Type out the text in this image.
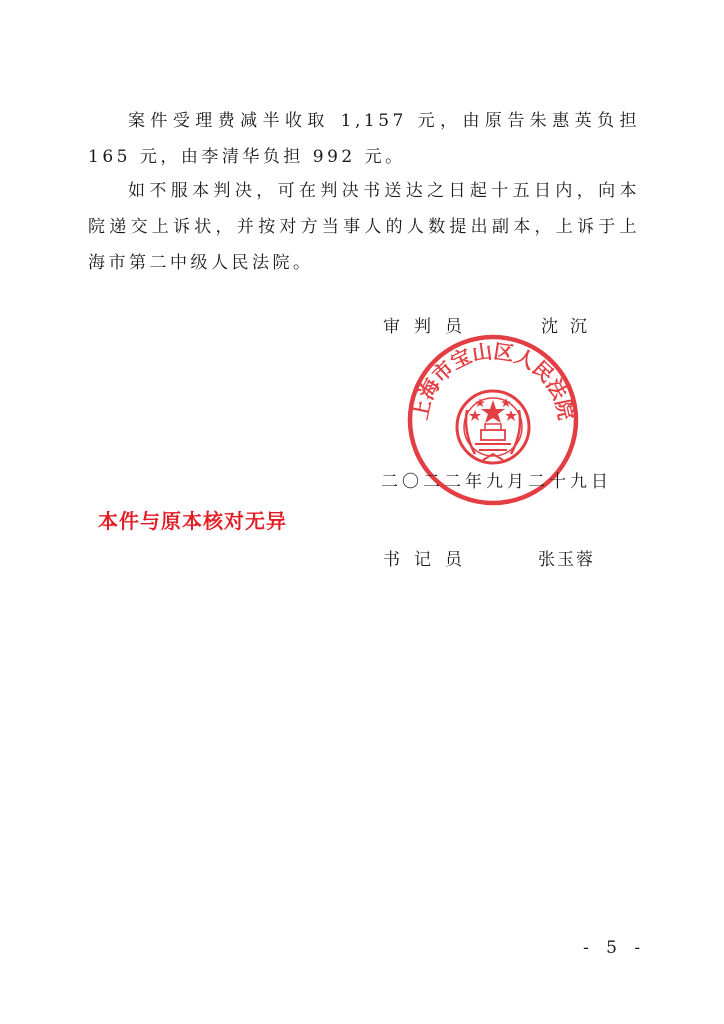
案件受理费减半收取 1,157 元，由原告朱惠英负担 165 元，由李清华负担 992 元。

如不服本判决，可在判决书送达之日起十五日内，向本院递交上诉状，并按对方当事人的人数提出副本，上诉于上海市第二中级人民法院。

审判员	沈沉
上海市宝山区人民法院
二〇二二年九月二十九日
本件与原本核对无异
书记员	张玉蓉
- 5 -
